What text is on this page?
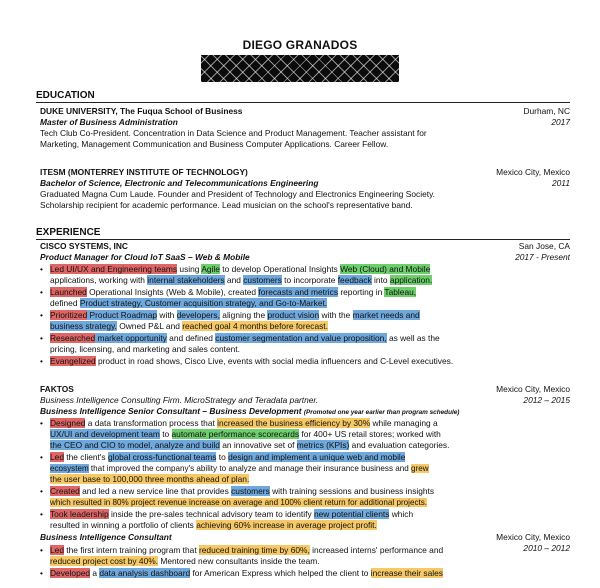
DIEGO GRANADOS
EDUCATION
DUKE UNIVERSITY, The Fuqua School of Business	Durham, NC
Master of Business Administration	2017
Tech Club Co-President. Concentration in Data Science and Product Management. Teacher assistant for
Marketing, Management Communication and Business Computer Applications. Career Fellow.
ITESM (MONTERREY INSTITUTE OF TECHNOLOGY)	Mexico City, Mexico
Bachelor of Science, Electronic and Telecommunications Engineering	2011
Graduated Magna Cum Laude. Founder and President of Technology and Electronics Engineering Society.
Scholarship recipient for academic performance. Lead musician on the school's representative band.
EXPERIENCE
CISCO SYSTEMS, INC	San Jose, CA
Product Manager for Cloud IoT SaaS – Web & Mobile	2017 - Present
• Led UI/UX and Engineering teams using Agile to develop Operational Insights Web (Cloud) and Mobile
applications, working with internal stakeholders and customers to incorporate feedback into application.
• Launched Operational Insights (Web & Mobile), created forecasts and metrics reporting in Tableau,
defined Product strategy, Customer acquisition strategy, and Go-to-Market.
• Prioritized Product Roadmap with developers, aligning the product vision with the market needs and
business strategy. Owned P&L and reached goal 4 months before forecast.
• Researched market opportunity and defined customer segmentation and value proposition, as well as the
pricing, licensing, and marketing and sales content.
• Evangelized product in road shows, Cisco Live, events with social media influencers and C-Level executives.
FAKTOS	Mexico City, Mexico
Business Intelligence Consulting Firm. MicroStrategy and Teradata partner.	2012 – 2015
Business Intelligence Senior Consultant – Business Development (Promoted one year earlier than program schedule)
• Designed a data transformation process that increased the business efficiency by 30% while managing a
UX/UI and development team to automate performance scorecards for 400+ US retail stores; worked with
the CEO and CIO to model, analyze and build an innovative set of metrics (KPIs) and evaluation categories.
• Led the client's global cross-functional teams to design and implement a unique web and mobile
ecosystem that improved the company's ability to analyze and manage their insurance business and grew
the user base to 100,000 three months ahead of plan.
• Created and led a new service line that provides customers with training sessions and business insights
which resulted in 80% project revenue increase on average and 100% client return for additional projects.
• Took leadership inside the pre-sales technical advisory team to identify new potential clients which
resulted in winning a portfolio of clients achieving 60% increase in average project profit.
Business Intelligence Consultant	Mexico City, Mexico
2010 – 2012
• Led the first intern training program that reduced training time by 60%, increased interns' performance and
reduced project cost by 40%. Mentored new consultants inside the team.
• Developed a data analysis dashboard for American Express which helped the client to increase their sales
